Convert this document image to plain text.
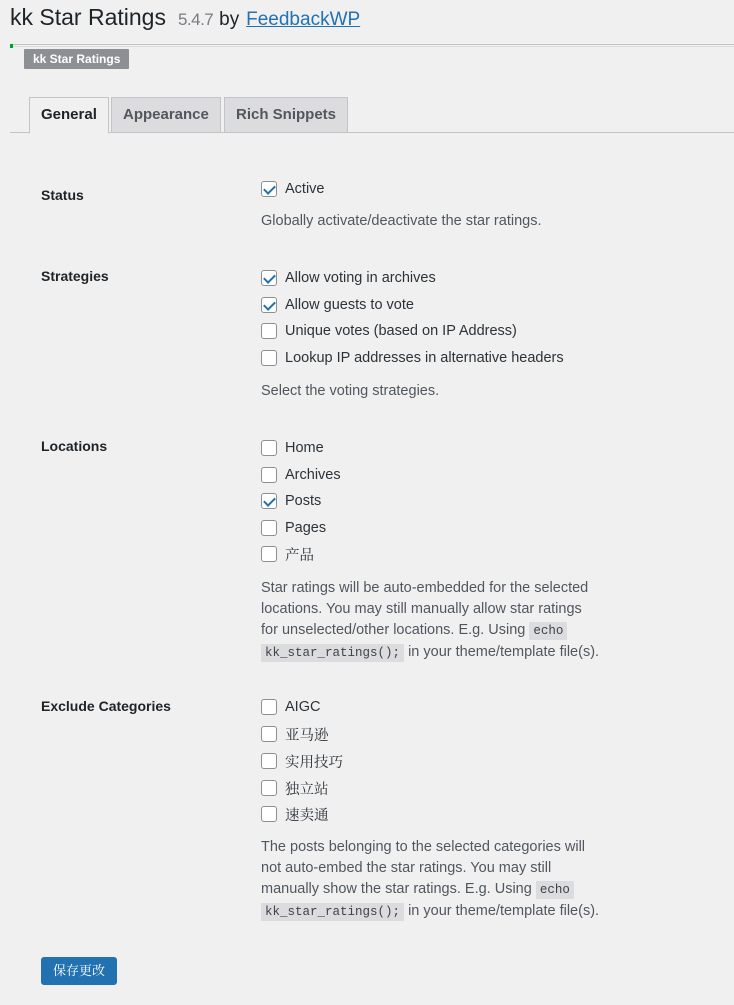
kk Star Ratings 5.4.7 by FeedbackWP
kk Star Ratings
General	Appearance	Rich Snippets
Status	Active
Globally activate/deactivate the star ratings.
Strategies	Allow voting in archives
Allow guests to vote
Unique votes (based on IP Address)
Lookup IP addresses in alternative headers
Select the voting strategies.
Locations	Home
Archives
Posts
Pages
产品
Star ratings will be auto-embedded for the selected
locations. You may still manually allow star ratings
for unselected/other locations. E.g. Using echo
kk_star_ratings(); in your theme/template file(s).
Exclude Categories	AIGC
亚马逊
实用技巧
独立站
速卖通
The posts belonging to the selected categories will
not auto-embed the star ratings. You may still
manually show the star ratings. E.g. Using echo
kk_star_ratings(); in your theme/template file(s).
保存更改
